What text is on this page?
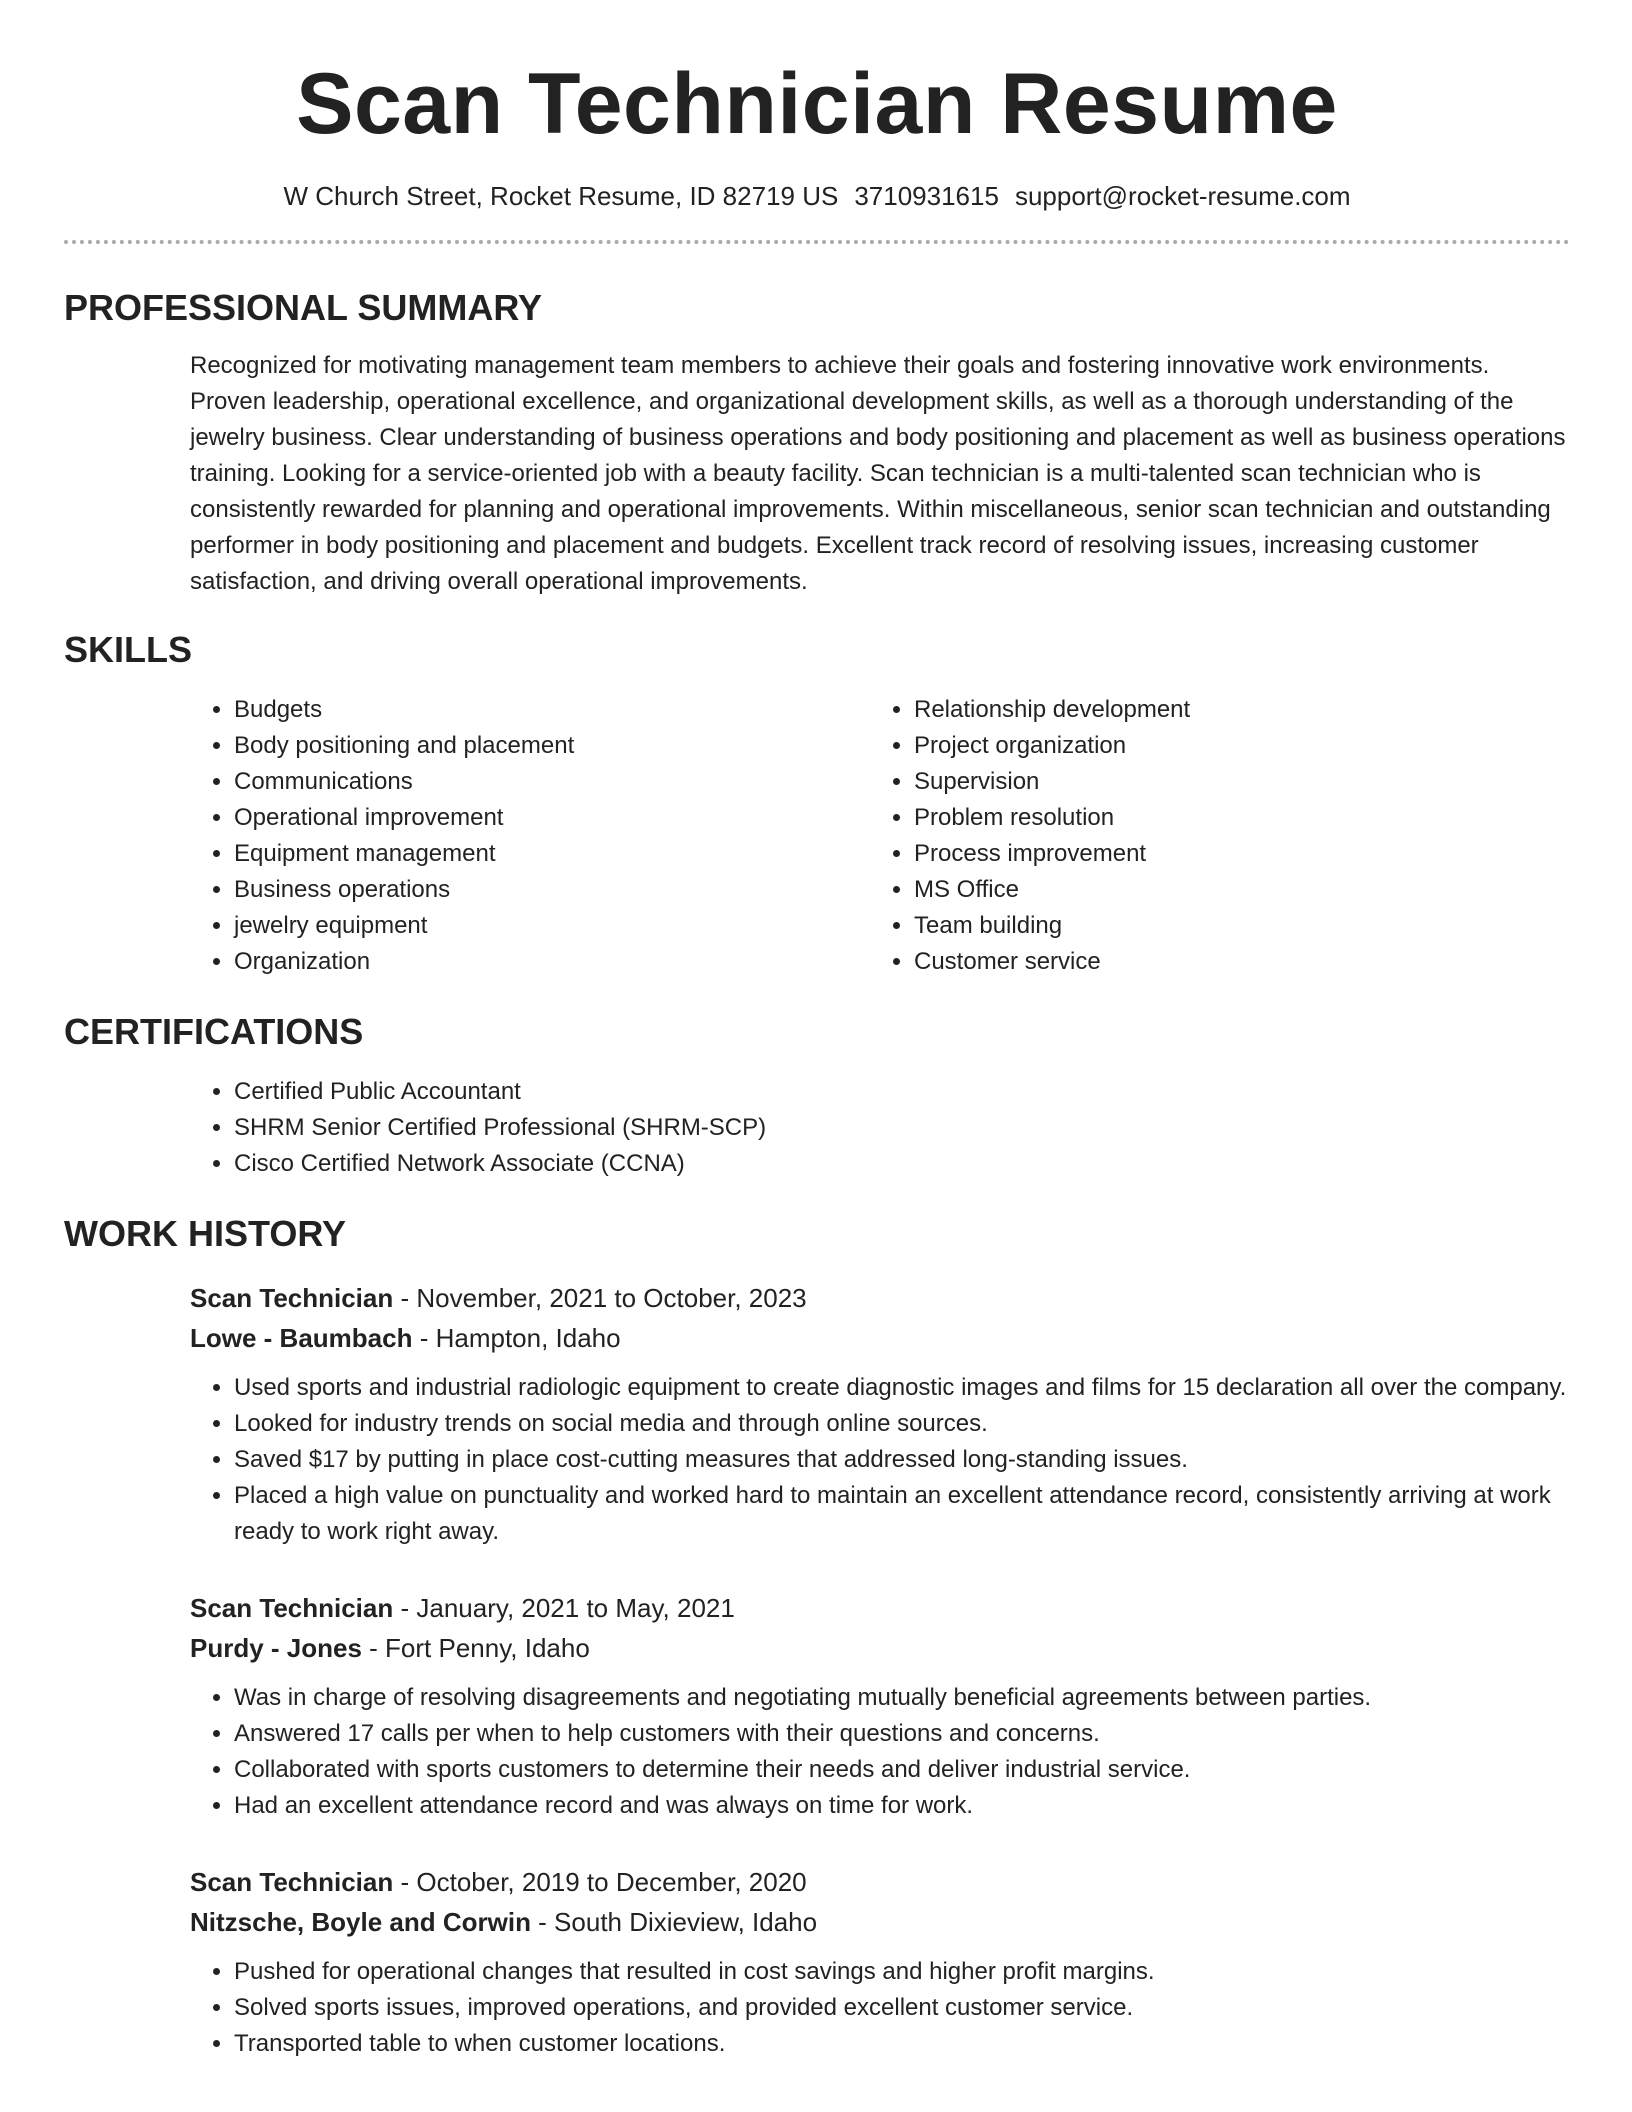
Scan Technician Resume
W Church Street, Rocket Resume, ID 82719 US 3710931615 support@rocket-resume.com
PROFESSIONAL SUMMARY
Recognized for motivating management team members to achieve their goals and fostering innovative work environments. Proven leadership, operational excellence, and organizational development skills, as well as a thorough understanding of the jewelry business. Clear understanding of business operations and body positioning and placement as well as business operations training. Looking for a service-oriented job with a beauty facility. Scan technician is a multi-talented scan technician who is consistently rewarded for planning and operational improvements. Within miscellaneous, senior scan technician and outstanding performer in body positioning and placement and budgets. Excellent track record of resolving issues, increasing customer satisfaction, and driving overall operational improvements.
SKILLS
• Budgets
• Body positioning and placement
• Communications
• Operational improvement
• Equipment management
• Business operations
• jewelry equipment
• Organization
• Relationship development
• Project organization
• Supervision
• Problem resolution
• Process improvement
• MS Office
• Team building
• Customer service
CERTIFICATIONS
• Certified Public Accountant
• SHRM Senior Certified Professional (SHRM-SCP)
• Cisco Certified Network Associate (CCNA)
WORK HISTORY
Scan Technician - November, 2021 to October, 2023
Lowe - Baumbach - Hampton, Idaho
• Used sports and industrial radiologic equipment to create diagnostic images and films for 15 declaration all over the company.
• Looked for industry trends on social media and through online sources.
• Saved $17 by putting in place cost-cutting measures that addressed long-standing issues.
• Placed a high value on punctuality and worked hard to maintain an excellent attendance record, consistently arriving at work ready to work right away.
Scan Technician - January, 2021 to May, 2021
Purdy - Jones - Fort Penny, Idaho
• Was in charge of resolving disagreements and negotiating mutually beneficial agreements between parties.
• Answered 17 calls per when to help customers with their questions and concerns.
• Collaborated with sports customers to determine their needs and deliver industrial service.
• Had an excellent attendance record and was always on time for work.
Scan Technician - October, 2019 to December, 2020
Nitzsche, Boyle and Corwin - South Dixieview, Idaho
• Pushed for operational changes that resulted in cost savings and higher profit margins.
• Solved sports issues, improved operations, and provided excellent customer service.
• Transported table to when customer locations.
